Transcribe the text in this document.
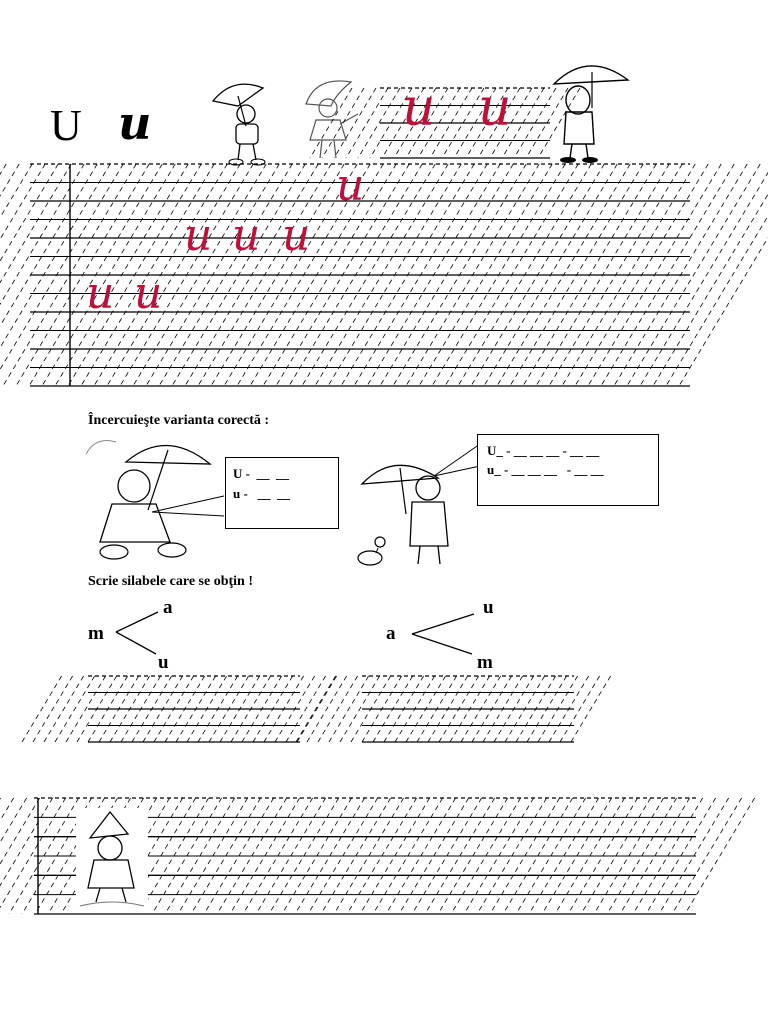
U u	u u
u
u u u
u u
Încercuieşte varianta corectă :
U -  __  __
u -   __  __
U_ - __ __ __ - __ __
u_ - __ __ __   - __ __
Scrie silabele care se obţin !
m
a
u
a
u
m
